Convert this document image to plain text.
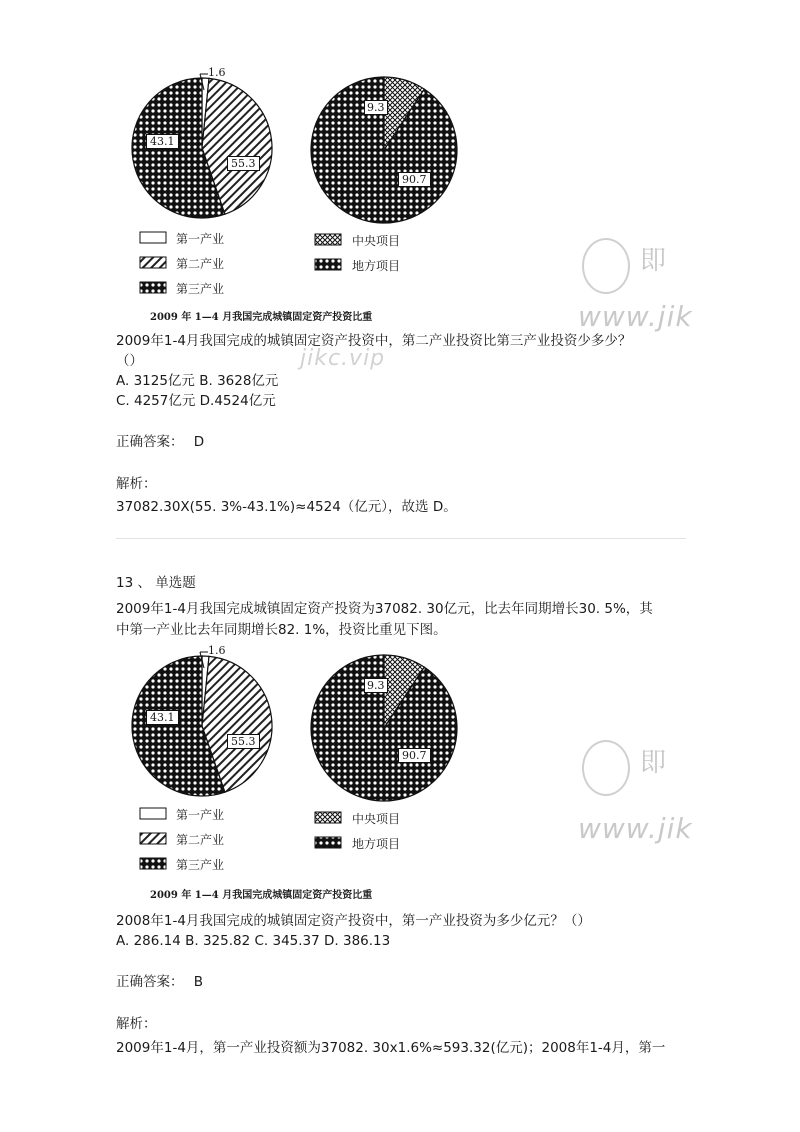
1.6
43.1
55.3
9.3
90.7
第一产业
第二产业
第三产业
中央项目
地方项目
2009 年 1—4 月我国完成城镇固定资产投资比重
即
www.jik
jikc.vip
2009年1-4月我国完成的城镇固定资产投资中，第二产业投资比第三产业投资少多少？
（）
A. 3125亿元 B. 3628亿元
C. 4257亿元 D.4524亿元
正确答案： D
解析：
37082.30X(55. 3%-43.1%)≈4524（亿元），故选 D。
13 、 单选题
2009年1-4月我国完成城镇固定资产投资为37082. 30亿元，比去年同期增长30. 5%，其
中第一产业比去年同期增长82. 1%，投资比重见下图。
1.6
43.1
55.3
9.3
90.7
第一产业
第二产业
第三产业
中央项目
地方项目
2009 年 1—4 月我国完成城镇固定资产投资比重
即
www.jik
2008年1-4月我国完成的城镇固定资产投资中，第一产业投资为多少亿元？（）
A. 286.14 B. 325.82 C. 345.37 D. 386.13
正确答案： B
解析：
2009年1-4月，第一产业投资额为37082. 30x1.6%≈593.32(亿元)；2008年1-4月，第一
